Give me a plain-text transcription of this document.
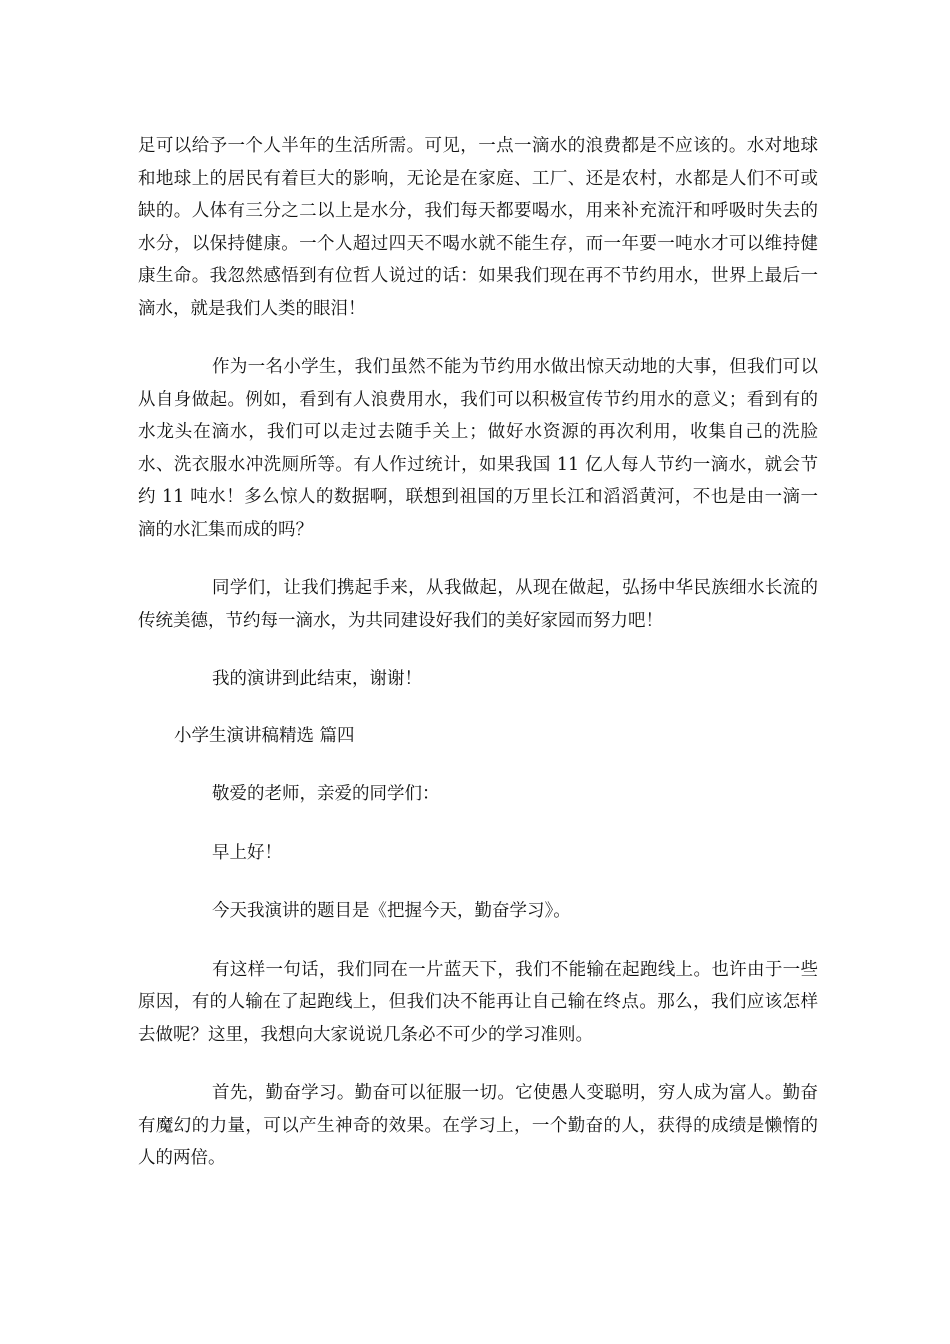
足可以给予一个人半年的生活所需。可见，一点一滴水的浪费都是不应该的。水对地球和地球上的居民有着巨大的影响，无论是在家庭、工厂、还是农村，水都是人们不可或缺的。人体有三分之二以上是水分，我们每天都要喝水，用来补充流汗和呼吸时失去的水分，以保持健康。一个人超过四天不喝水就不能生存，而一年要一吨水才可以维持健康生命。我忽然感悟到有位哲人说过的话：如果我们现在再不节约用水，世界上最后一滴水，就是我们人类的眼泪！

作为一名小学生，我们虽然不能为节约用水做出惊天动地的大事，但我们可以从自身做起。例如，看到有人浪费用水，我们可以积极宣传节约用水的意义；看到有的水龙头在滴水，我们可以走过去随手关上；做好水资源的再次利用，收集自己的洗脸水、洗衣服水冲洗厕所等。有人作过统计，如果我国 11 亿人每人节约一滴水，就会节约 11 吨水！多么惊人的数据啊，联想到祖国的万里长江和滔滔黄河，不也是由一滴一滴的水汇集而成的吗？

同学们，让我们携起手来，从我做起，从现在做起，弘扬中华民族细水长流的传统美德，节约每一滴水，为共同建设好我们的美好家园而努力吧！

我的演讲到此结束，谢谢！

小学生演讲稿精选 篇四

敬爱的老师，亲爱的同学们：

早上好！

今天我演讲的题目是《把握今天，勤奋学习》。

有这样一句话，我们同在一片蓝天下，我们不能输在起跑线上。也许由于一些原因，有的人输在了起跑线上，但我们决不能再让自己输在终点。那么，我们应该怎样去做呢？这里，我想向大家说说几条必不可少的学习准则。

首先，勤奋学习。勤奋可以征服一切。它使愚人变聪明，穷人成为富人。勤奋有魔幻的力量，可以产生神奇的效果。在学习上，一个勤奋的人，获得的成绩是懒惰的人的两倍。
